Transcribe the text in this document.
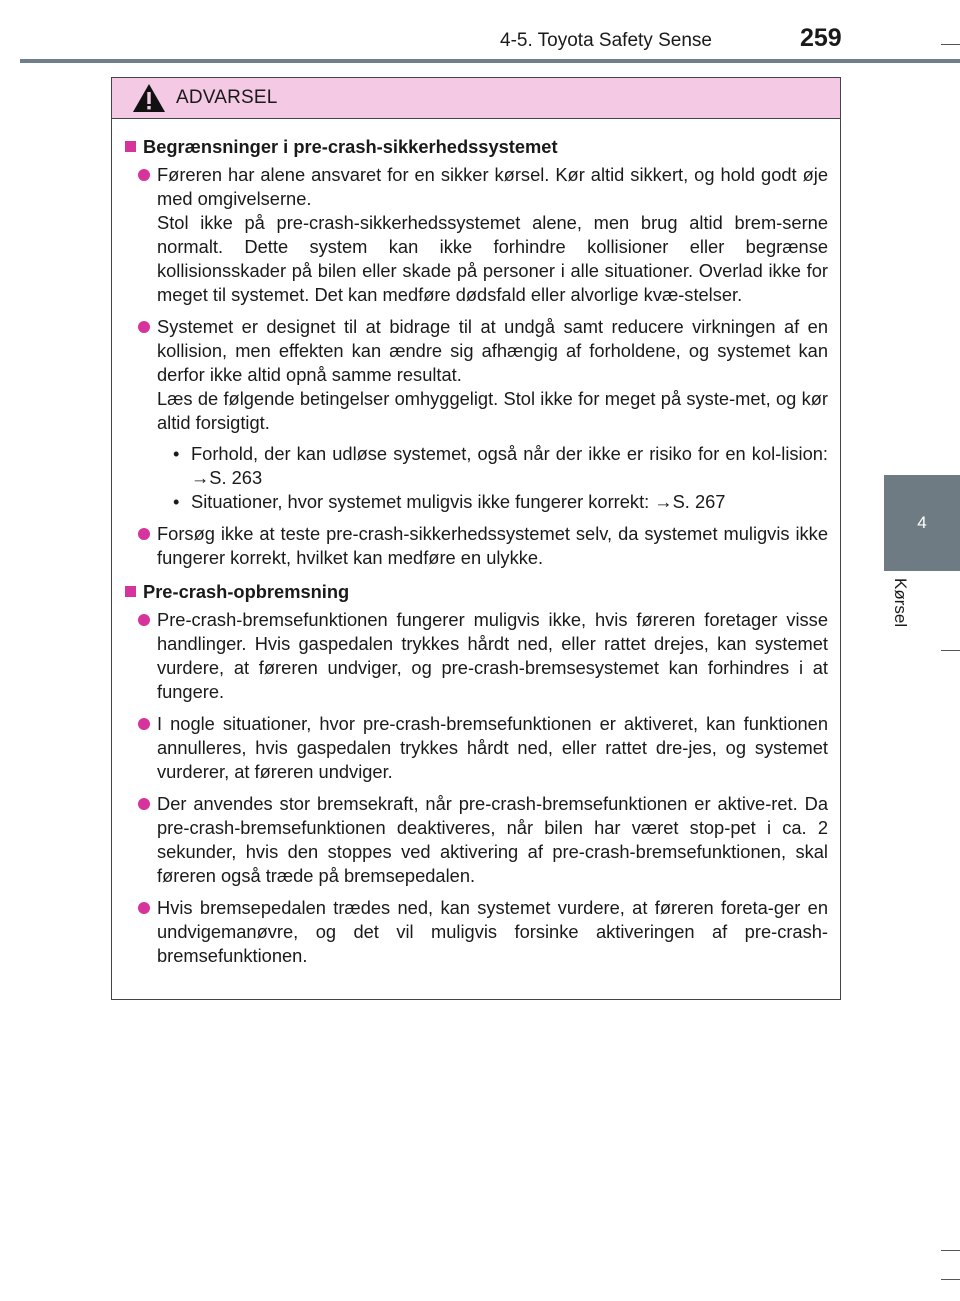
4-5. Toyota Safety Sense	259
4
Kørsel
ADVARSEL
Begrænsninger i pre-crash-sikkerhedssystemet

Føreren har alene ansvaret for en sikker kørsel. Kør altid sikkert, og hold godt øje med omgivelserne.

Stol ikke på pre-crash-sikkerhedssystemet alene, men brug altid brem-serne normalt. Dette system kan ikke forhindre kollisioner eller begrænse kollisionsskader på bilen eller skade på personer i alle situationer. Overlad ikke for meget til systemet. Det kan medføre dødsfald eller alvorlige kvæ-stelser.

Systemet er designet til at bidrage til at undgå samt reducere virkningen af en kollision, men effekten kan ændre sig afhængig af forholdene, og systemet kan derfor ikke altid opnå samme resultat.

Læs de følgende betingelser omhyggeligt. Stol ikke for meget på syste-met, og kør altid forsigtigt.

• Forhold, der kan udløse systemet, også når der ikke er risiko for en kol-lision: →S. 263
• Situationer, hvor systemet muligvis ikke fungerer korrekt: →S. 267

Forsøg ikke at teste pre-crash-sikkerhedssystemet selv, da systemet muligvis ikke fungerer korrekt, hvilket kan medføre en ulykke.

Pre-crash-opbremsning

Pre-crash-bremsefunktionen fungerer muligvis ikke, hvis føreren foretager visse handlinger. Hvis gaspedalen trykkes hårdt ned, eller rattet drejes, kan systemet vurdere, at føreren undviger, og pre-crash-bremsesystemet kan forhindres i at fungere.

I nogle situationer, hvor pre-crash-bremsefunktionen er aktiveret, kan funktionen annulleres, hvis gaspedalen trykkes hårdt ned, eller rattet dre-jes, og systemet vurderer, at føreren undviger.

Der anvendes stor bremsekraft, når pre-crash-bremsefunktionen er aktive-ret. Da pre-crash-bremsefunktionen deaktiveres, når bilen har været stop-pet i ca. 2 sekunder, hvis den stoppes ved aktivering af pre-crash-bremsefunktionen, skal føreren også træde på bremsepedalen.

Hvis bremsepedalen trædes ned, kan systemet vurdere, at føreren foreta-ger en undvigemanøvre, og det vil muligvis forsinke aktiveringen af pre-crash-bremsefunktionen.
